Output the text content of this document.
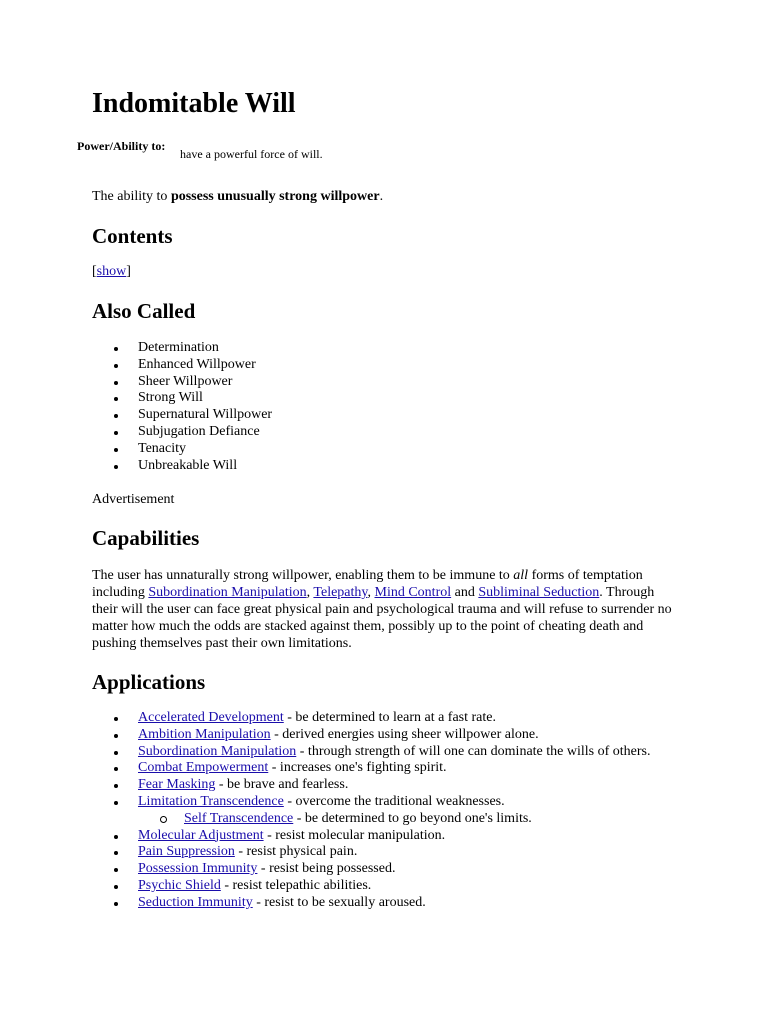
Indomitable Will
Power/Ability to:
have a powerful force of will.
The ability to possess unusually strong willpower.
Contents
[show]
Also Called
Determination
Enhanced Willpower
Sheer Willpower
Strong Will
Supernatural Willpower
Subjugation Defiance
Tenacity
Unbreakable Will
Advertisement
Capabilities
The user has unnaturally strong willpower, enabling them to be immune to all forms of temptation including Subordination Manipulation, Telepathy, Mind Control and Subliminal Seduction. Through their will the user can face great physical pain and psychological trauma and will refuse to surrender no matter how much the odds are stacked against them, possibly up to the point of cheating death and pushing themselves past their own limitations.
Applications
Accelerated Development - be determined to learn at a fast rate.
Ambition Manipulation - derived energies using sheer willpower alone.
Subordination Manipulation - through strength of will one can dominate the wills of others.
Combat Empowerment - increases one's fighting spirit.
Fear Masking - be brave and fearless.
Limitation Transcendence - overcome the traditional weaknesses.
Self Transcendence - be determined to go beyond one's limits.
Molecular Adjustment - resist molecular manipulation.
Pain Suppression - resist physical pain.
Possession Immunity - resist being possessed.
Psychic Shield - resist telepathic abilities.
Seduction Immunity - resist to be sexually aroused.
